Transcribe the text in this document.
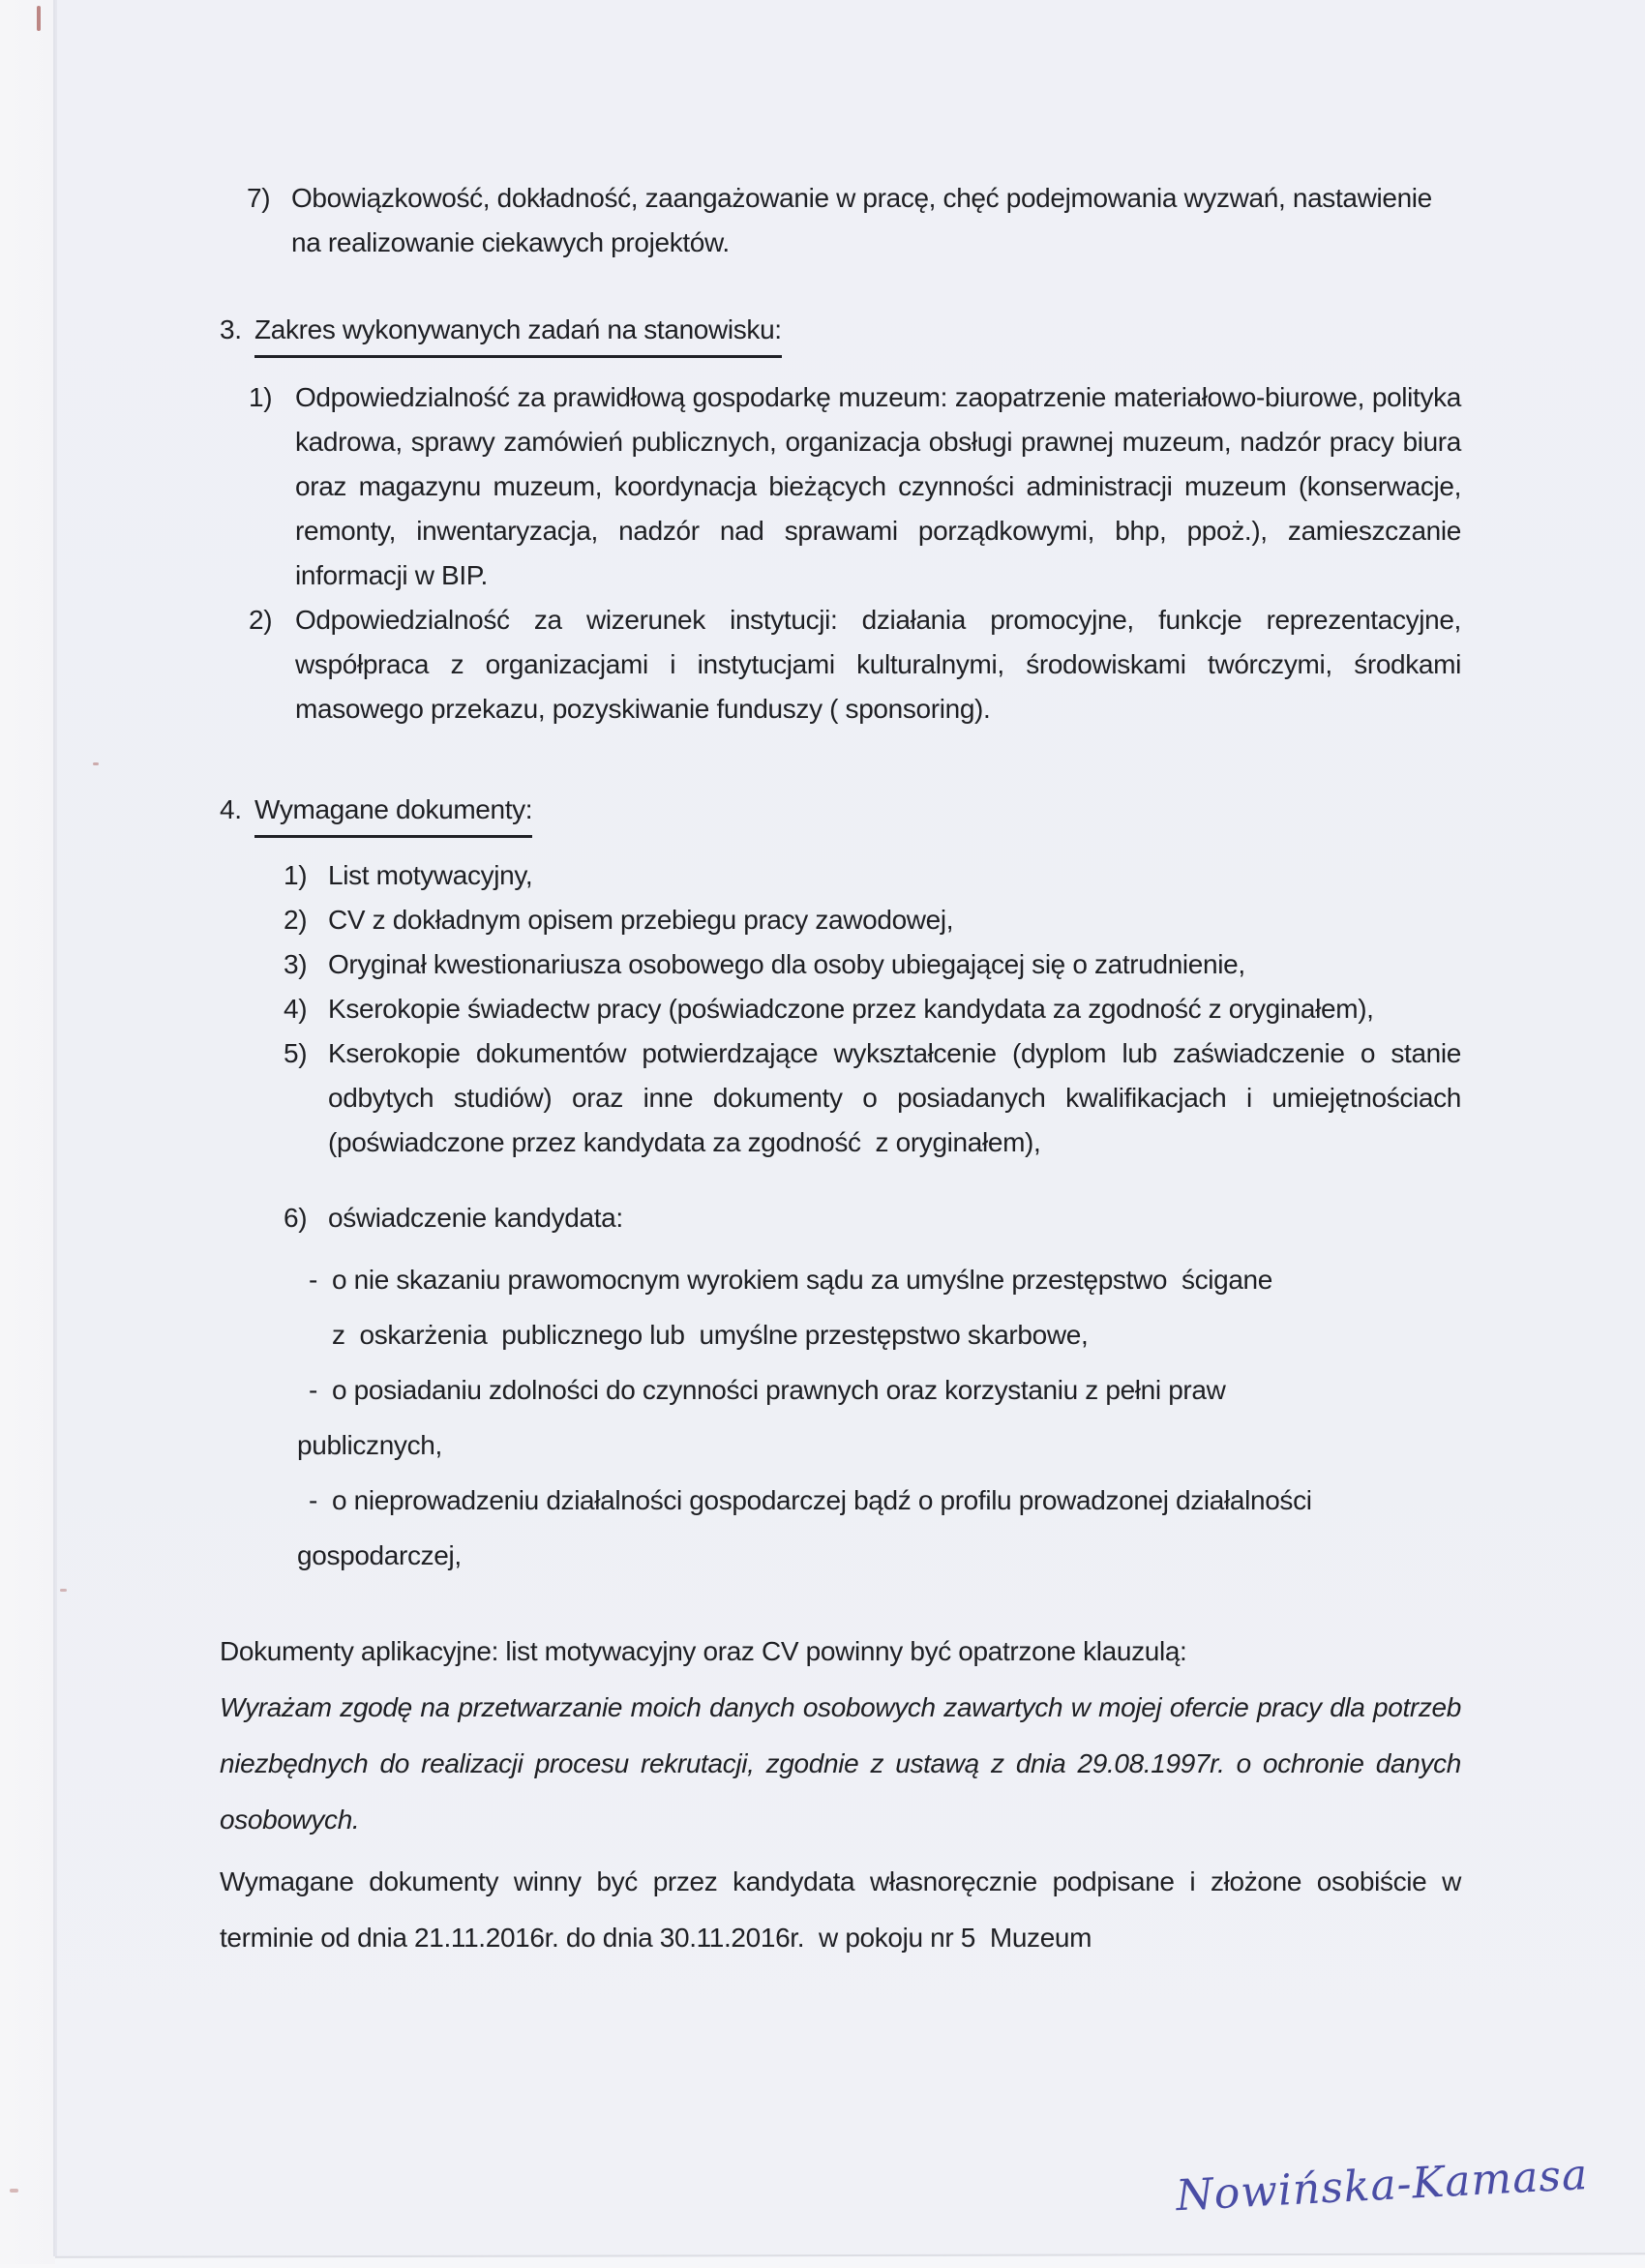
7) Obowiązkowość, dokładność, zaangażowanie w pracę, chęć podejmowania wyzwań, nastawienie na realizowanie ciekawych projektów.

3. Zakres wykonywanych zadań na stanowisku:
1) Odpowiedzialność za prawidłową gospodarkę muzeum: zaopatrzenie materiałowo-biurowe, polityka kadrowa, sprawy zamówień publicznych, organizacja obsługi prawnej muzeum, nadzór pracy biura oraz magazynu muzeum, koordynacja bieżących czynności administracji muzeum (konserwacje, remonty, inwentaryzacja, nadzór nad sprawami porządkowymi, bhp, ppoż.), zamieszczanie informacji w BIP.

2) Odpowiedzialność za wizerunek instytucji: działania promocyjne, funkcje reprezentacyjne, współpraca z organizacjami i instytucjami kulturalnymi, środowiskami twórczymi, środkami masowego przekazu, pozyskiwanie funduszy ( sponsoring).

4. Wymagane dokumenty:
1) List motywacyjny,

2) CV z dokładnym opisem przebiegu pracy zawodowej,

3) Oryginał kwestionariusza osobowego dla osoby ubiegającej się o zatrudnienie,

4) Kserokopie świadectw pracy (poświadczone przez kandydata za zgodność z oryginałem),

5) Kserokopie dokumentów potwierdzające wykształcenie (dyplom lub zaświadczenie o stanie odbytych studiów) oraz inne dokumenty o posiadanych kwalifikacjach i umiejętnościach (poświadczone przez kandydata za zgodność  z oryginałem),

6) oświadczenie kandydata:

- o nie skazaniu prawomocnym wyrokiem sądu za umyślne przestępstwo  ścigane
z  oskarżenia  publicznego lub  umyślne przestępstwo skarbowe,
- o posiadaniu zdolności do czynności prawnych oraz korzystaniu z pełni praw
publicznych,
- o nieprowadzeniu działalności gospodarczej bądź o profilu prowadzonej działalności
gospodarczej,

Dokumenty aplikacyjne: list motywacyjny oraz CV powinny być opatrzone klauzulą:

Wyrażam zgodę na przetwarzanie moich danych osobowych zawartych w mojej ofercie pracy dla potrzeb niezbędnych do realizacji procesu rekrutacji, zgodnie z ustawą z dnia 29.08.1997r. o ochronie danych osobowych.

Wymagane dokumenty winny być przez kandydata własnoręcznie podpisane i złożone osobiście w terminie od dnia 21.11.2016r. do dnia 30.11.2016r.  w pokoju nr 5  Muzeum

Nowińska-Kamasa
